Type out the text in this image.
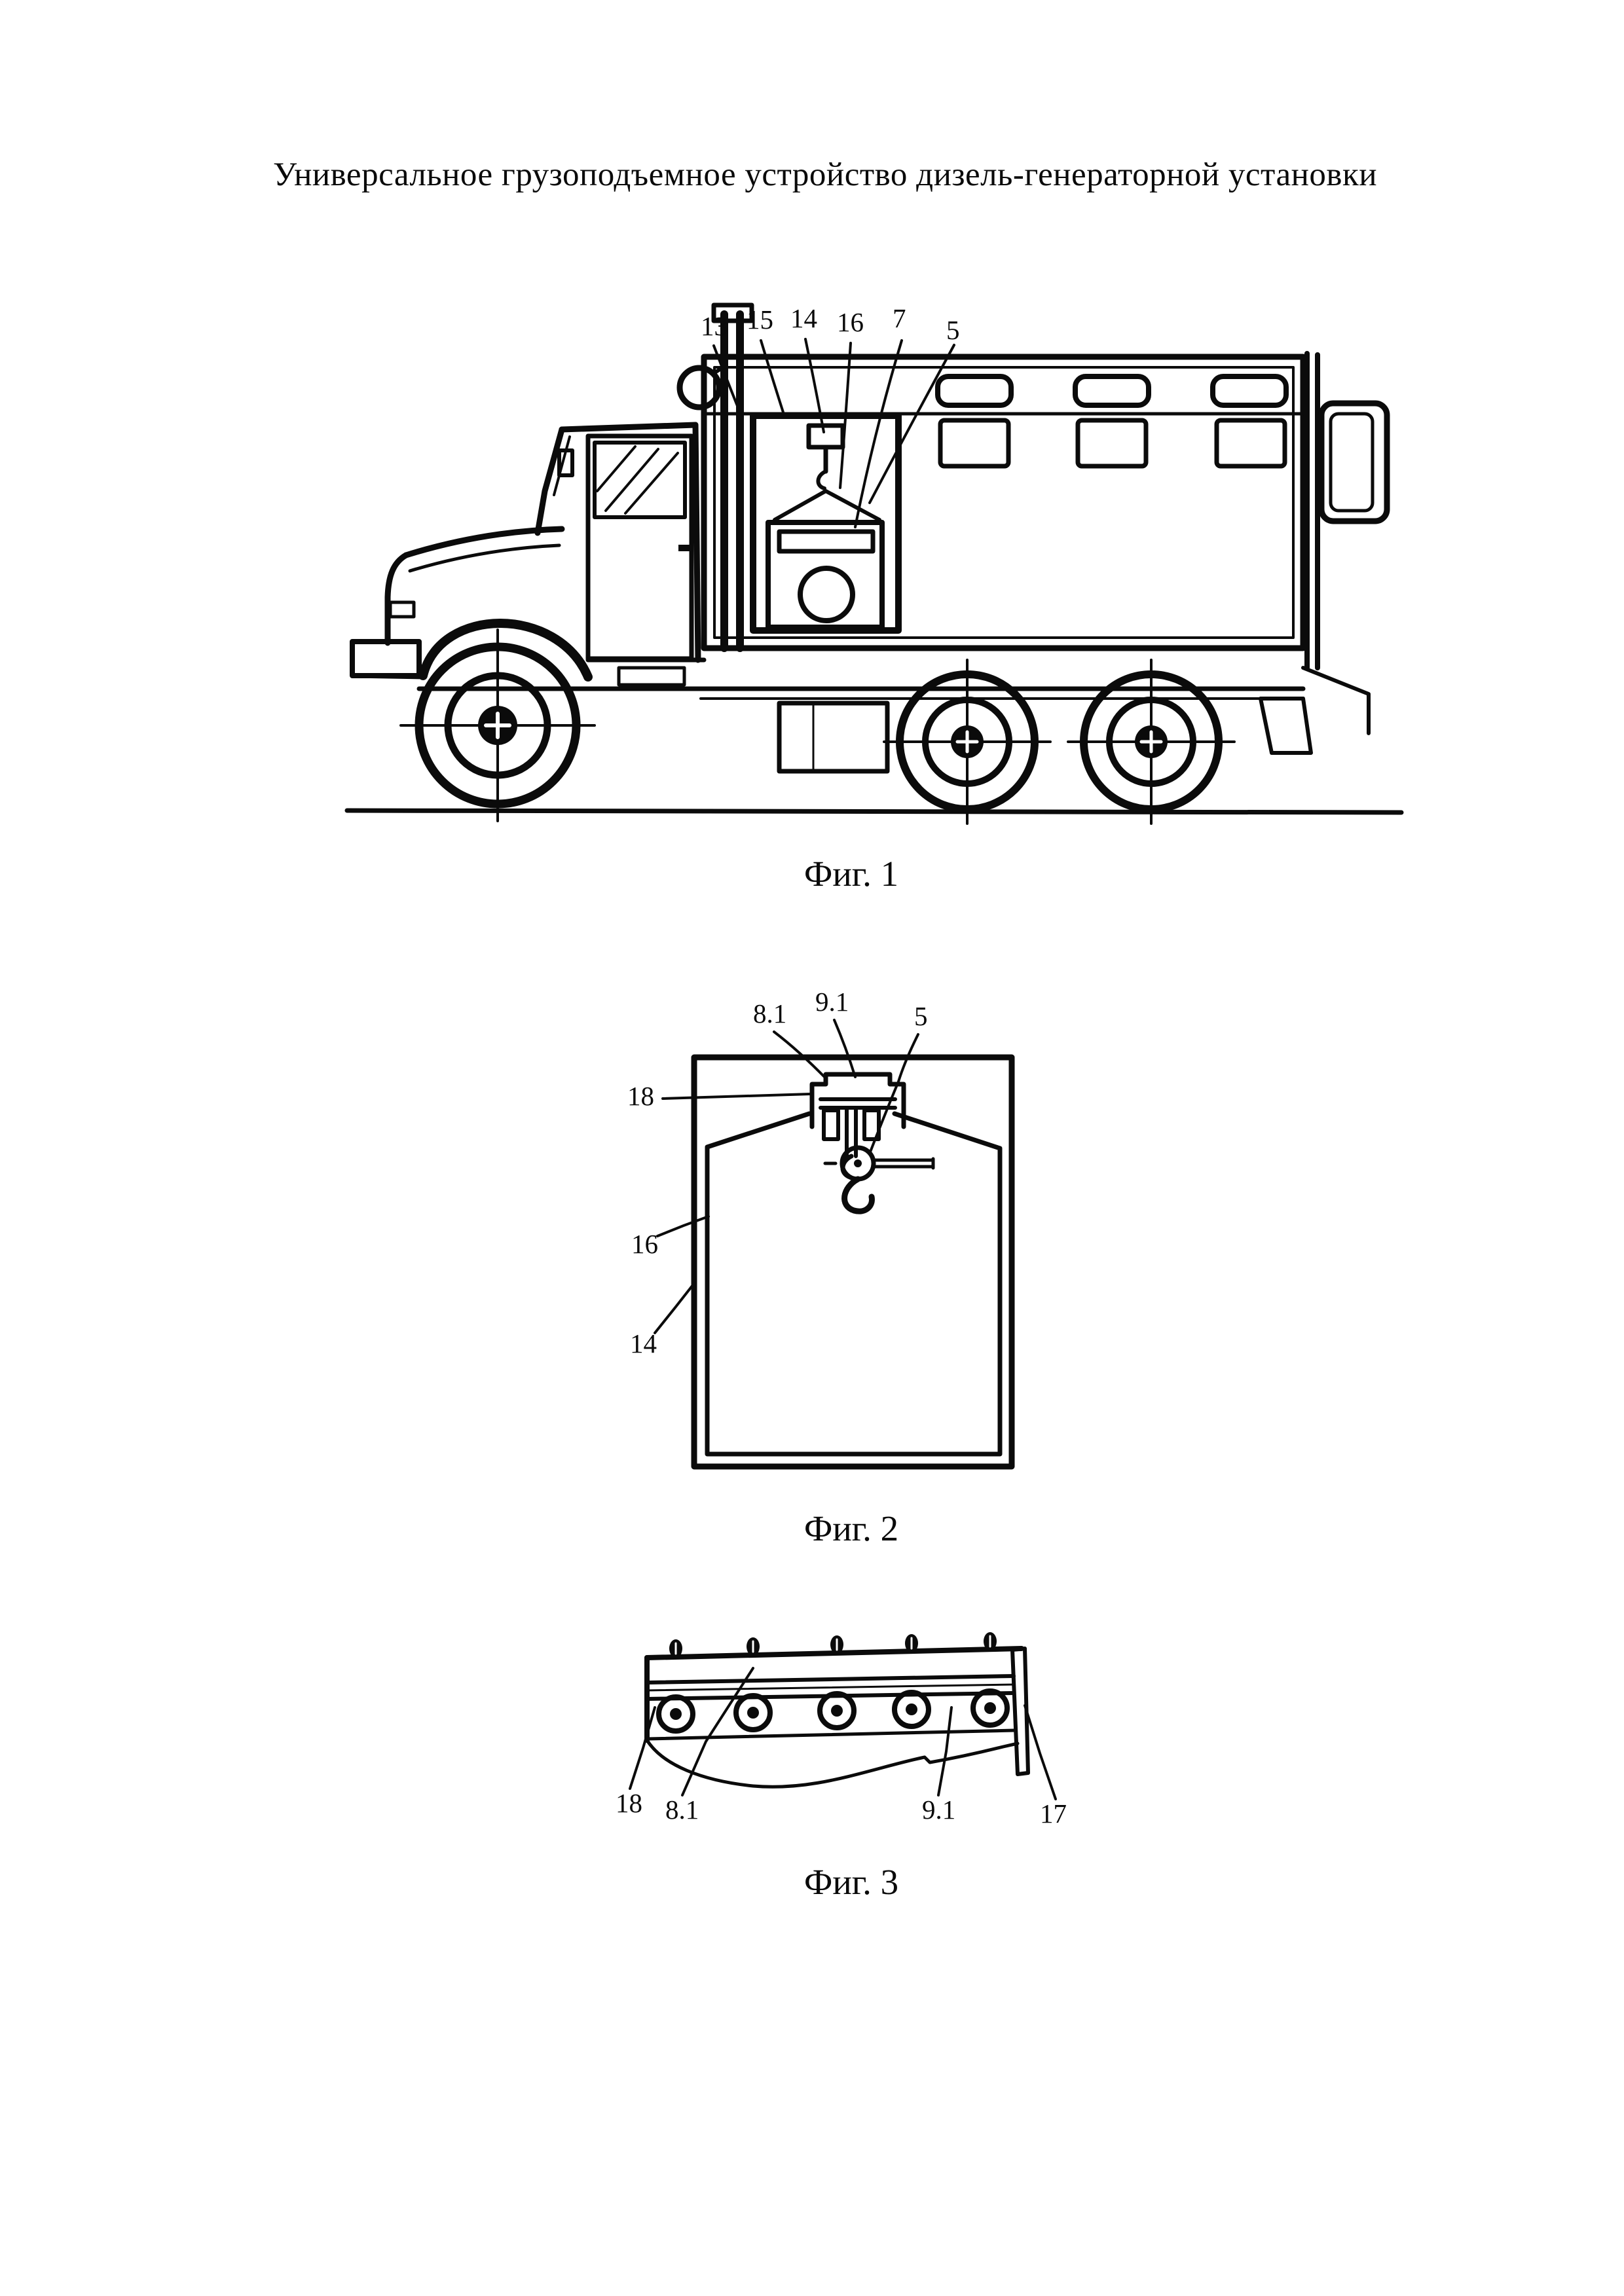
Универсальное грузоподъемное устройство дизель-генераторной установки
13 15 14 16 7 5
Фиг. 1
8.1 9.1 5
18
16
14
Фиг. 2
18 8.1	9.1	17
Фиг. 3
